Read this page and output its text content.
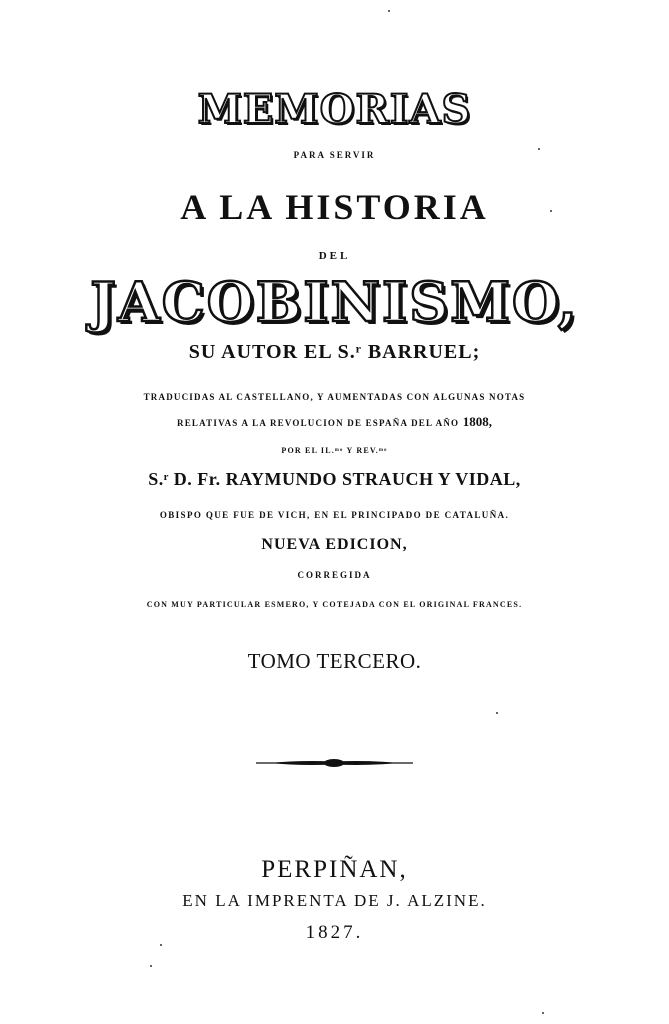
MEMORIAS
PARA SERVIR
A LA HISTORIA
DEL
JACOBINISMO,
SU AUTOR EL S.ʳ BARRUEL;
TRADUCIDAS AL CASTELLANO, Y AUMENTADAS CON ALGUNAS NOTAS
RELATIVAS A LA REVOLUCION DE ESPAÑA DEL AÑO 1808,
POR EL IL.ᵐᵒ Y REV.ᵐᵒ
S.ʳ D. Fr. RAYMUNDO STRAUCH Y VIDAL,
OBISPO QUE FUE DE VICH, EN EL PRINCIPADO DE CATALUÑA.
NUEVA EDICION,
CORREGIDA
CON MUY PARTICULAR ESMERO, Y COTEJADA CON EL ORIGINAL FRANCES.
TOMO TERCERO.
PERPIÑAN,
EN LA IMPRENTA DE J. ALZINE.
1827.
